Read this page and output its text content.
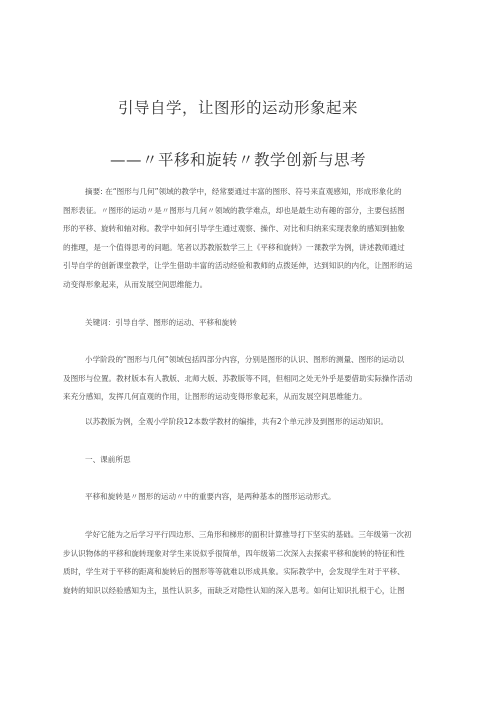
引导自学，让图形的运动形象起来
——〃平移和旋转〃教学创新与思考
摘要: 在“图形与几何”领域的教学中，经常要通过丰富的图形、符号来直观感知，形成形象化的
图形表征。〃图形的运动〃是〃图形与几何〃领域的教学难点，却也是最生动有趣的部分，主要包括图
形的平移、旋转和轴对称。教学中如何引导学生通过观察、操作、对比和归纳来实现表象的感知到抽象
的推理，是一个值得思考的问题。笔者以苏教版数学三上《平移和旋转》一课教学为例，讲述教师通过
引导自学的创新课堂教学，让学生借助丰富的活动经验和教师的点拨延伸，达到知识的内化，让图形的运
动变得形象起来，从而发展空间思维能力。
关键词：引导自学、图形的运动、平移和旋转
小学阶段的“图形与几何”领域包括四部分内容，分别是图形的认识、图形的测量、图形的运动以
及图形与位置。教材版本有人教版、北师大版、苏教版等不同，但相同之处无外乎是要借助实际操作活动
来充分感知，发挥几何直观的作用，让图形的运动变得形象起来，从而发展空间思维能力。
以苏教版为例，全观小学阶段12本数学教材的编排，共有2个单元涉及到图形的运动知识。
一、课前所思
平移和旋转是〃图形的运动〃中的重要内容，是两种基本的图形运动形式。
学好它能为之后学习平行四边形、三角形和梯形的面积计算推导打下坚实的基础。三年级第一次初
步认识物体的平移和旋转现象对学生来说似乎很简单，四年级第二次深入去探索平移和旋转的特征和性
质时，学生对于平移的距离和旋转后的图形等等就难以形成具象。实际教学中，会发现学生对于平移、
旋转的知识以经验感知为主，虽性认识多，而缺乏对隐性认知的深入思考。如何让知识扎根于心，让图
